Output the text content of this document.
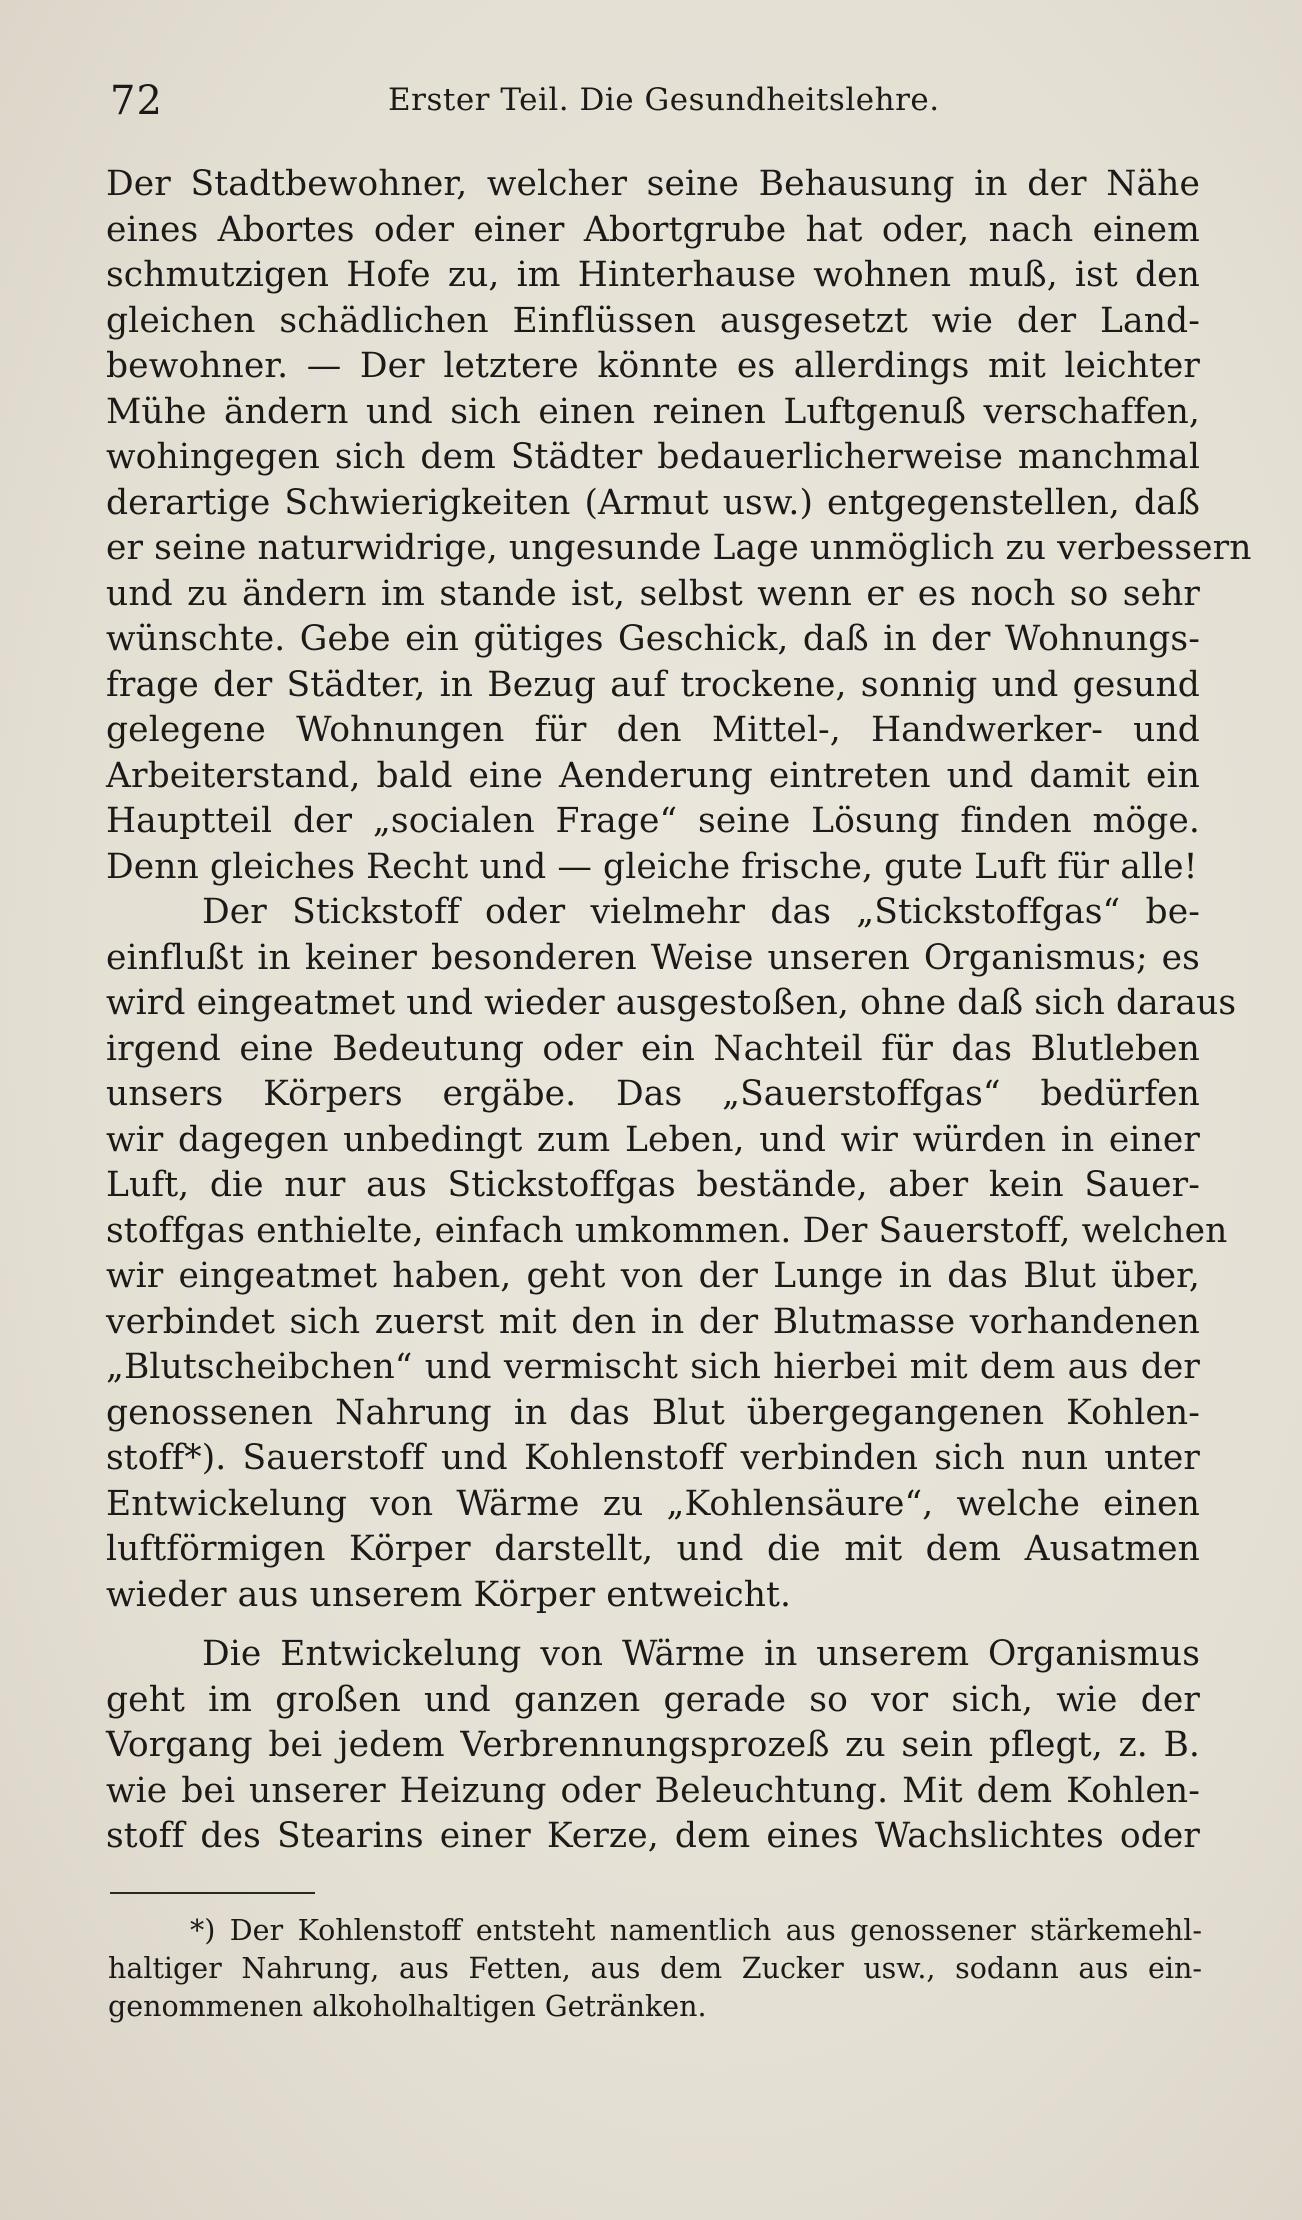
72	Erster Teil. Die Gesundheitslehre.
Der Stadtbewohner, welcher seine Behausung in der Nähe
eines Abortes oder einer Abortgrube hat oder, nach einem
schmutzigen Hofe zu, im Hinterhause wohnen muß, ist den
gleichen schädlichen Einflüssen ausgesetzt wie der Land-
bewohner. — Der letztere könnte es allerdings mit leichter
Mühe ändern und sich einen reinen Luftgenuß verschaffen,
wohingegen sich dem Städter bedauerlicherweise manchmal
derartige Schwierigkeiten (Armut usw.) entgegenstellen, daß
er seine naturwidrige, ungesunde Lage unmöglich zu verbessern
und zu ändern im stande ist, selbst wenn er es noch so sehr
wünschte. Gebe ein gütiges Geschick, daß in der Wohnungs-
frage der Städter, in Bezug auf trockene, sonnig und gesund
gelegene Wohnungen für den Mittel-, Handwerker- und
Arbeiterstand, bald eine Aenderung eintreten und damit ein
Hauptteil der „socialen Frage“ seine Lösung finden möge.
Denn gleiches Recht und — gleiche frische, gute Luft für alle!
Der Stickstoff oder vielmehr das „Stickstoffgas“ be-
einflußt in keiner besonderen Weise unseren Organismus; es
wird eingeatmet und wieder ausgestoßen, ohne daß sich daraus
irgend eine Bedeutung oder ein Nachteil für das Blutleben
unsers Körpers ergäbe. Das „Sauerstoffgas“ bedürfen
wir dagegen unbedingt zum Leben, und wir würden in einer
Luft, die nur aus Stickstoffgas bestände, aber kein Sauer-
stoffgas enthielte, einfach umkommen. Der Sauerstoff, welchen
wir eingeatmet haben, geht von der Lunge in das Blut über,
verbindet sich zuerst mit den in der Blutmasse vorhandenen
„Blutscheibchen“ und vermischt sich hierbei mit dem aus der
genossenen Nahrung in das Blut übergegangenen Kohlen-
stoff*). Sauerstoff und Kohlenstoff verbinden sich nun unter
Entwickelung von Wärme zu „Kohlensäure“, welche einen
luftförmigen Körper darstellt, und die mit dem Ausatmen
wieder aus unserem Körper entweicht.
Die Entwickelung von Wärme in unserem Organismus
geht im großen und ganzen gerade so vor sich, wie der
Vorgang bei jedem Verbrennungsprozeß zu sein pflegt, z. B.
wie bei unserer Heizung oder Beleuchtung. Mit dem Kohlen-
stoff des Stearins einer Kerze, dem eines Wachslichtes oder
*) Der Kohlenstoff entsteht namentlich aus genossener stärkemehl-
haltiger Nahrung, aus Fetten, aus dem Zucker usw., sodann aus ein-
genommenen alkoholhaltigen Getränken.
